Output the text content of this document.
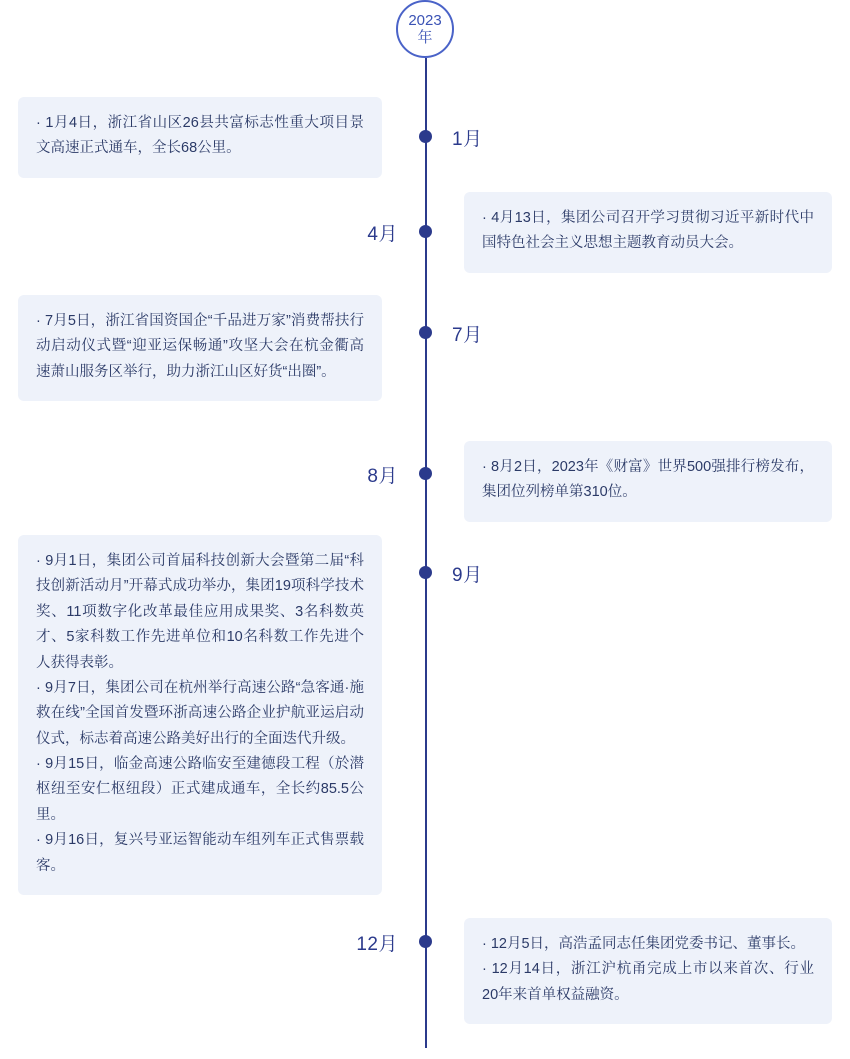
2023
年
1月

· 1月4日，浙江省山区26县共富标志性重大项目景文高速正式通车，全长68公里。

4月

· 4月13日，集团公司召开学习贯彻习近平新时代中国特色社会主义思想主题教育动员大会。

7月

· 7月5日，浙江省国资国企“千品进万家”消费帮扶行动启动仪式暨“迎亚运保畅通”攻坚大会在杭金衢高速萧山服务区举行，助力浙江山区好货“出圈”。

8月	· 8月2日，2023年《财富》世界500强排行榜发布，集团位列榜单第310位。

9月

· 9月1日，集团公司首届科技创新大会暨第二届“科技创新活动月”开幕式成功举办，集团19项科学技术奖、11项数字化改革最佳应用成果奖、3名科数英才、5家科数工作先进单位和10名科数工作先进个人获得表彰。

· 9月7日，集团公司在杭州举行高速公路“急客通·施救在线”全国首发暨环浙高速公路企业护航亚运启动仪式，标志着高速公路美好出行的全面迭代升级。

· 9月15日，临金高速公路临安至建德段工程（於潜枢纽至安仁枢纽段）正式建成通车，全长约85.5公里。

· 9月16日，复兴号亚运智能动车组列车正式售票载客。

12月	· 12月5日，高浩孟同志任集团党委书记、董事长。

· 12月14日，浙江沪杭甬完成上市以来首次、行业20年来首单权益融资。
